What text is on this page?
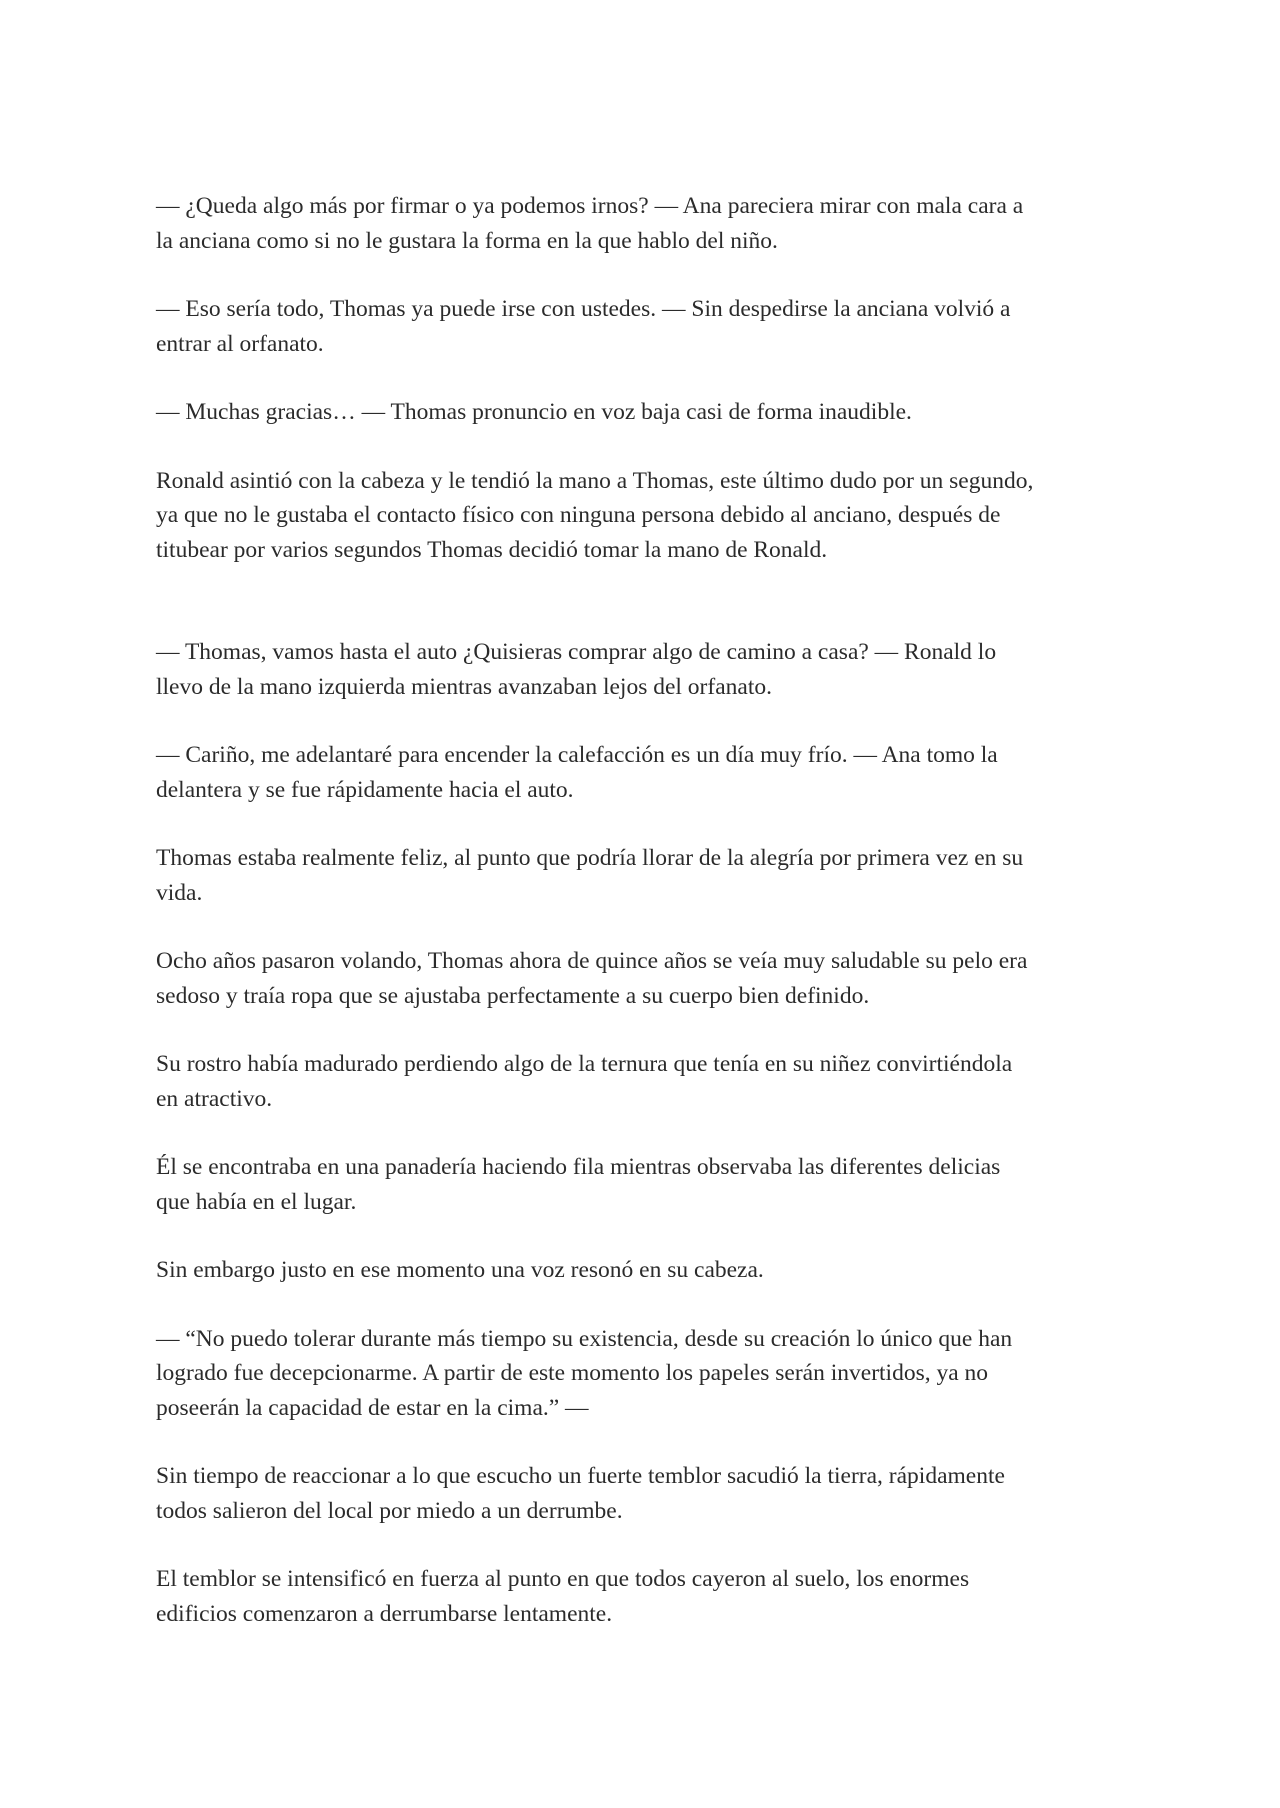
— ¿Queda algo más por firmar o ya podemos irnos? — Ana pareciera mirar con mala cara a
la anciana como si no le gustara la forma en la que hablo del niño.

— Eso sería todo, Thomas ya puede irse con ustedes. — Sin despedirse la anciana volvió a
entrar al orfanato.

— Muchas gracias… — Thomas pronuncio en voz baja casi de forma inaudible.

Ronald asintió con la cabeza y le tendió la mano a Thomas, este último dudo por un segundo,
ya que no le gustaba el contacto físico con ninguna persona debido al anciano, después de
titubear por varios segundos Thomas decidió tomar la mano de Ronald.

— Thomas, vamos hasta el auto ¿Quisieras comprar algo de camino a casa? — Ronald lo
llevo de la mano izquierda mientras avanzaban lejos del orfanato.

— Cariño, me adelantaré para encender la calefacción es un día muy frío. — Ana tomo la
delantera y se fue rápidamente hacia el auto.

Thomas estaba realmente feliz, al punto que podría llorar de la alegría por primera vez en su
vida.

Ocho años pasaron volando, Thomas ahora de quince años se veía muy saludable su pelo era
sedoso y traía ropa que se ajustaba perfectamente a su cuerpo bien definido.

Su rostro había madurado perdiendo algo de la ternura que tenía en su niñez convirtiéndola
en atractivo.

Él se encontraba en una panadería haciendo fila mientras observaba las diferentes delicias
que había en el lugar.

Sin embargo justo en ese momento una voz resonó en su cabeza.

— “No puedo tolerar durante más tiempo su existencia, desde su creación lo único que han
logrado fue decepcionarme. A partir de este momento los papeles serán invertidos, ya no
poseerán la capacidad de estar en la cima.” —

Sin tiempo de reaccionar a lo que escucho un fuerte temblor sacudió la tierra, rápidamente
todos salieron del local por miedo a un derrumbe.

El temblor se intensificó en fuerza al punto en que todos cayeron al suelo, los enormes
edificios comenzaron a derrumbarse lentamente.
